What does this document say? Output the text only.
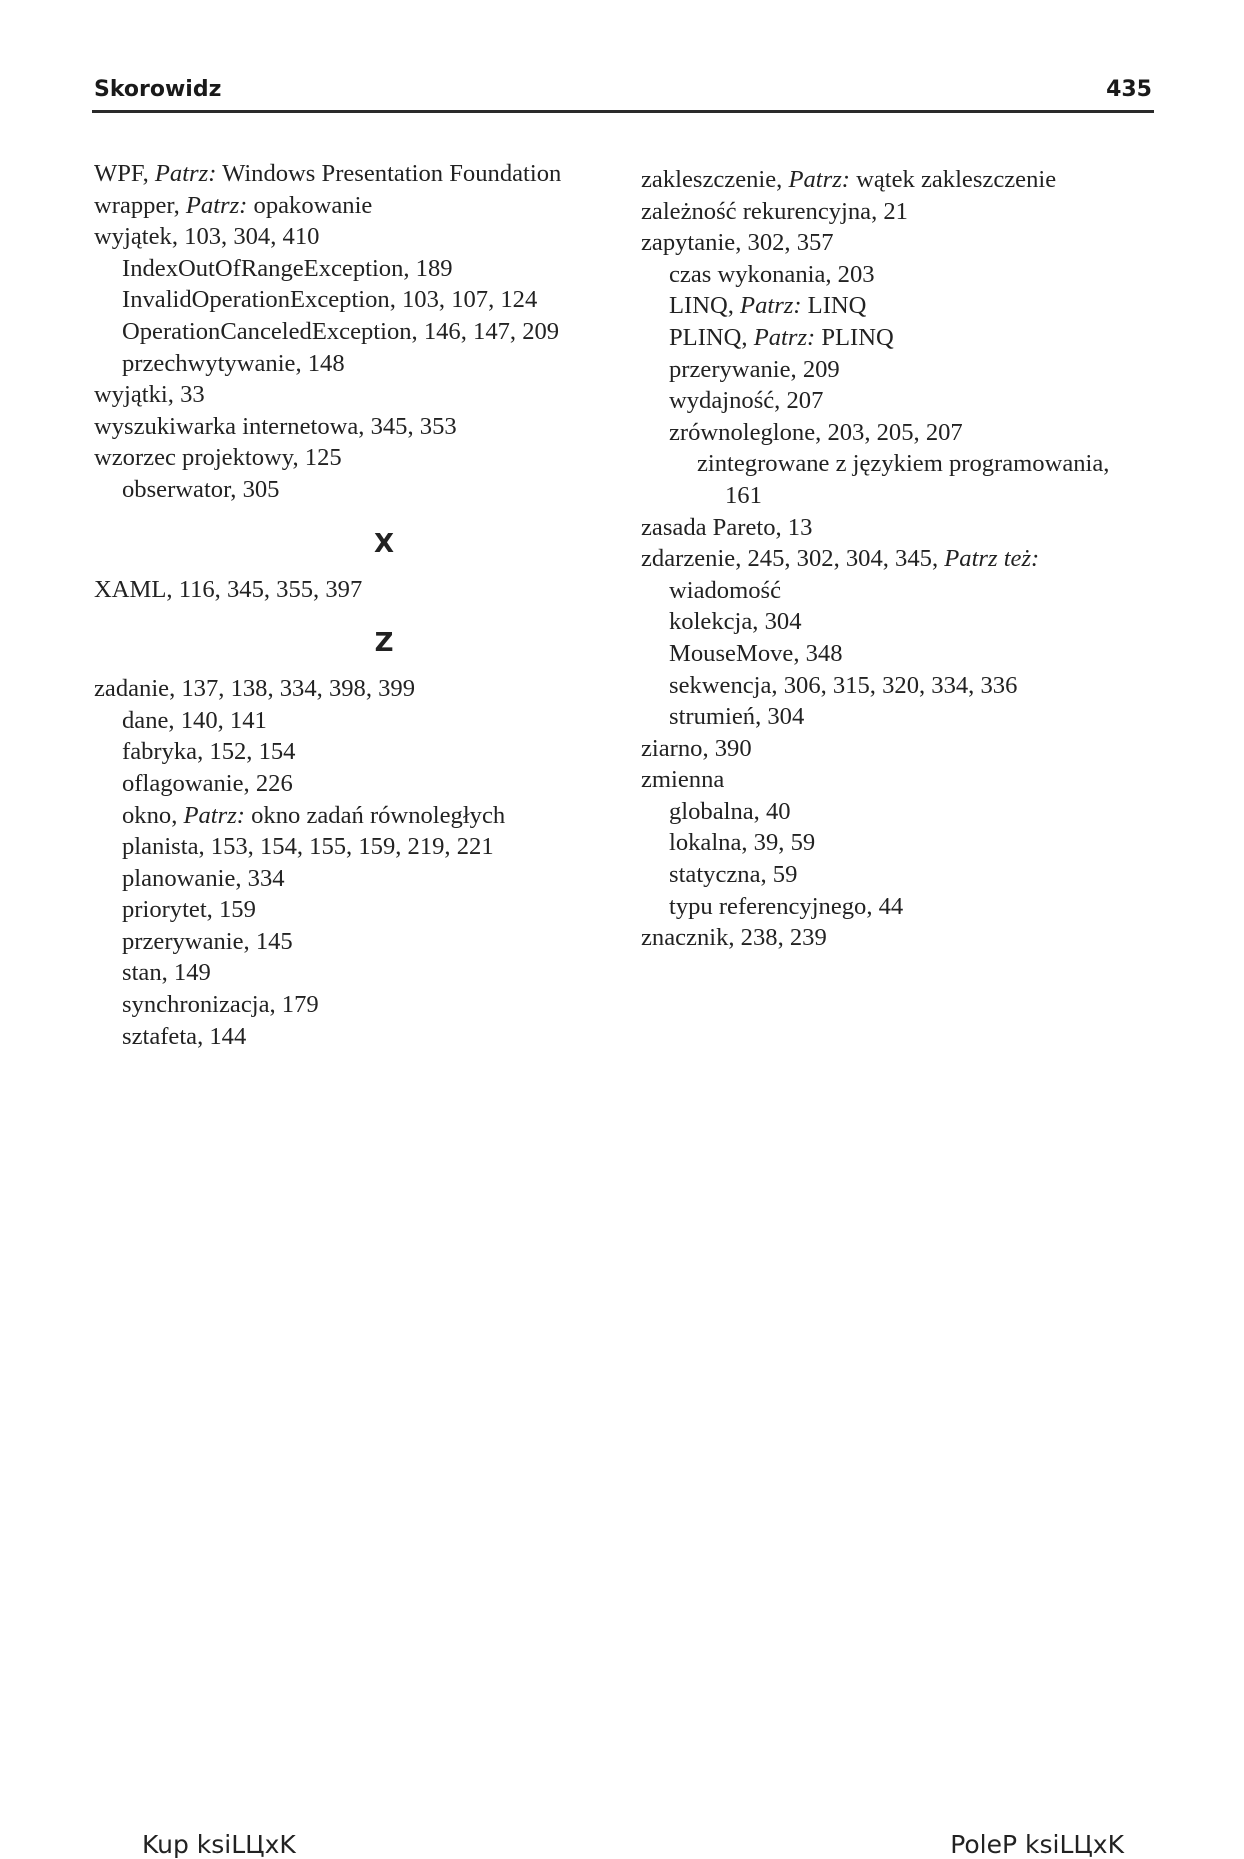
Skorowidz	435
WPF, Patrz: Windows Presentation Foundation
wrapper, Patrz: opakowanie
wyjątek, 103, 304, 410
IndexOutOfRangeException, 189
InvalidOperationException, 103, 107, 124
OperationCanceledException, 146, 147, 209
przechwytywanie, 148
wyjątki, 33
wyszukiwarka internetowa, 345, 353
wzorzec projektowy, 125
obserwator, 305
X
XAML, 116, 345, 355, 397
Z
zadanie, 137, 138, 334, 398, 399
dane, 140, 141
fabryka, 152, 154
oflagowanie, 226
okno, Patrz: okno zadań równoległych
planista, 153, 154, 155, 159, 219, 221
planowanie, 334
priorytet, 159
przerywanie, 145
stan, 149
synchronizacja, 179
sztafeta, 144
zakleszczenie, Patrz: wątek zakleszczenie
zależność rekurencyjna, 21
zapytanie, 302, 357
czas wykonania, 203
LINQ, Patrz: LINQ
PLINQ, Patrz: PLINQ
przerywanie, 209
wydajność, 207
zrównoleglone, 203, 205, 207
zintegrowane z językiem programowania,
161
zasada Pareto, 13
zdarzenie, 245, 302, 304, 345, Patrz też:
wiadomość
kolekcja, 304
MouseMove, 348
sekwencja, 306, 315, 320, 334, 336
strumień, 304
ziarno, 390
zmienna
globalna, 40
lokalna, 39, 59
statyczna, 59
typu referencyjnego, 44
znacznik, 238, 239
Kup ksiLЦxK	PoleP ksiLЦxK
